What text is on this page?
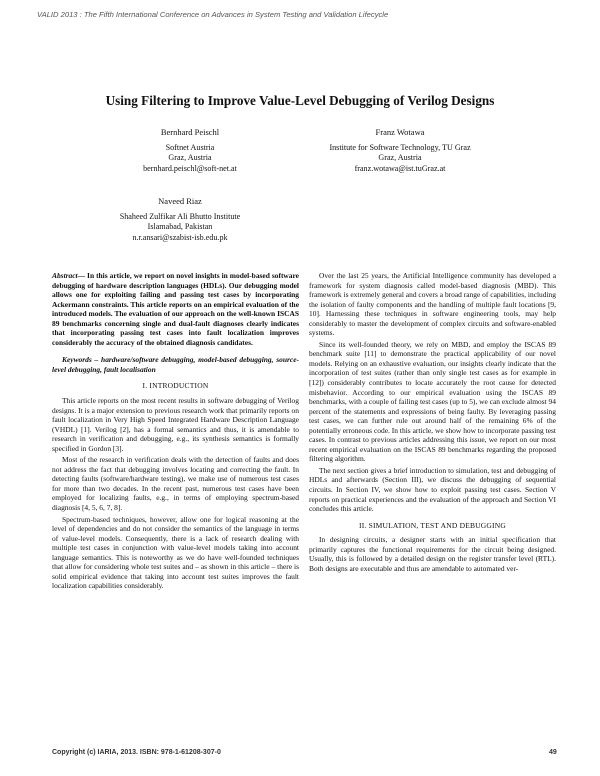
VALID 2013 : The Fifth International Conference on Advances in System Testing and Validation Lifecycle
Using Filtering to Improve Value-Level Debugging of Verilog Designs
Bernhard Peischl
Softnet Austria
Graz, Austria
bernhard.peischl@soft-net.at
Franz Wotawa
Institute for Software Technology, TU Graz
Graz, Austria
franz.wotawa@ist.tuGraz.at
Naveed Riaz
Shaheed Zulfikar Ali Bhutto Institute
Islamabad, Pakistan
n.r.ansari@szabist-isb.edu.pk

Abstract— In this article, we report on novel insights in model-based software debugging of hardware description languages (HDLs). Our debugging model allows one for exploiting failing and passing test cases by incorporating Ackermann constraints. This article reports on an empirical evaluation of the introduced models. The evaluation of our approach on the well-known ISCAS 89 benchmarks concerning single and dual-fault diagnoses clearly indicates that incorporating passing test cases into fault localization improves considerably the accuracy of the obtained diagnosis candidates.

Keywords – hardware/software debugging, model-based debugging, source-level debugging, fault localisation

I. INTRODUCTION

This article reports on the most recent results in software debugging of Verilog designs. It is a major extension to previous research work that primarily reports on fault localization in Very High Speed Integrated Hardware Description Language (VHDL) [1]. Verilog [2], has a formal semantics and thus, it is amendable to research in verification and debugging, e.g., its synthesis semantics is formally specified in Gordon [3].

Most of the research in verification deals with the detection of faults and does not address the fact that debugging involves locating and correcting the fault. In detecting faults (software/hardware testing), we make use of numerous test cases for more than two decades. In the recent past, numerous test cases have been employed for localizing faults, e.g., in terms of employing spectrum-based diagnosis [4, 5, 6, 7, 8].

Spectrum-based techniques, however, allow one for logical reasoning at the level of dependencies and do not consider the semantics of the language in terms of value-level models. Consequently, there is a lack of research dealing with multiple test cases in conjunction with value-level models taking into account language semantics. This is noteworthy as we do have well-founded techniques that allow for considering whole test suites and – as shown in this article – there is solid empirical evidence that taking into account test suites improves the fault localization capabilities considerably.

Over the last 25 years, the Artificial Intelligence community has developed a framework for system diagnosis called model-based diagnosis (MBD). This framework is extremely general and covers a broad range of capabilities, including the isolation of faulty components and the handling of multiple fault locations [9, 10]. Harnessing these techniques in software engineering tools, may help considerably to master the development of complex circuits and software-enabled systems.

Since its well-founded theory, we rely on MBD, and employ the ISCAS 89 benchmark suite [11] to demonstrate the practical applicability of our novel models. Relying on an exhaustive evaluation, our insights clearly indicate that the incorporation of test suites (rather than only single test cases as for example in [12]) considerably contributes to locate accurately the root cause for detected misbehavior. According to our empirical evaluation using the ISCAS 89 benchmarks, with a couple of failing test cases (up to 5), we can exclude almost 94 percent of the statements and expressions of being faulty. By leveraging passing test cases, we can further rule out around half of the remaining 6% of the potentially erroneous code. In this article, we show how to incorporate passing test cases. In contrast to previous articles addressing this issue, we report on our most recent empirical evaluation on the ISCAS 89 benchmarks regarding the proposed filtering algorithm.

The next section gives a brief introduction to simulation, test and debugging of HDLs and afterwards (Section III), we discuss the debugging of sequential circuits. In Section IV, we show how to exploit passing test cases. Section V reports on practical experiences and the evaluation of the approach and Section VI concludes this article.

II. SIMULATION, TEST AND DEBUGGING

In designing circuits, a designer starts with an initial specification that primarily captures the functional requirements for the circuit being designed. Usually, this is followed by a detailed design on the register transfer level (RTL). Both designs are executable and thus are amendable to automated ver-

Copyright (c) IARIA, 2013. ISBN: 978-1-61208-307-0	49
